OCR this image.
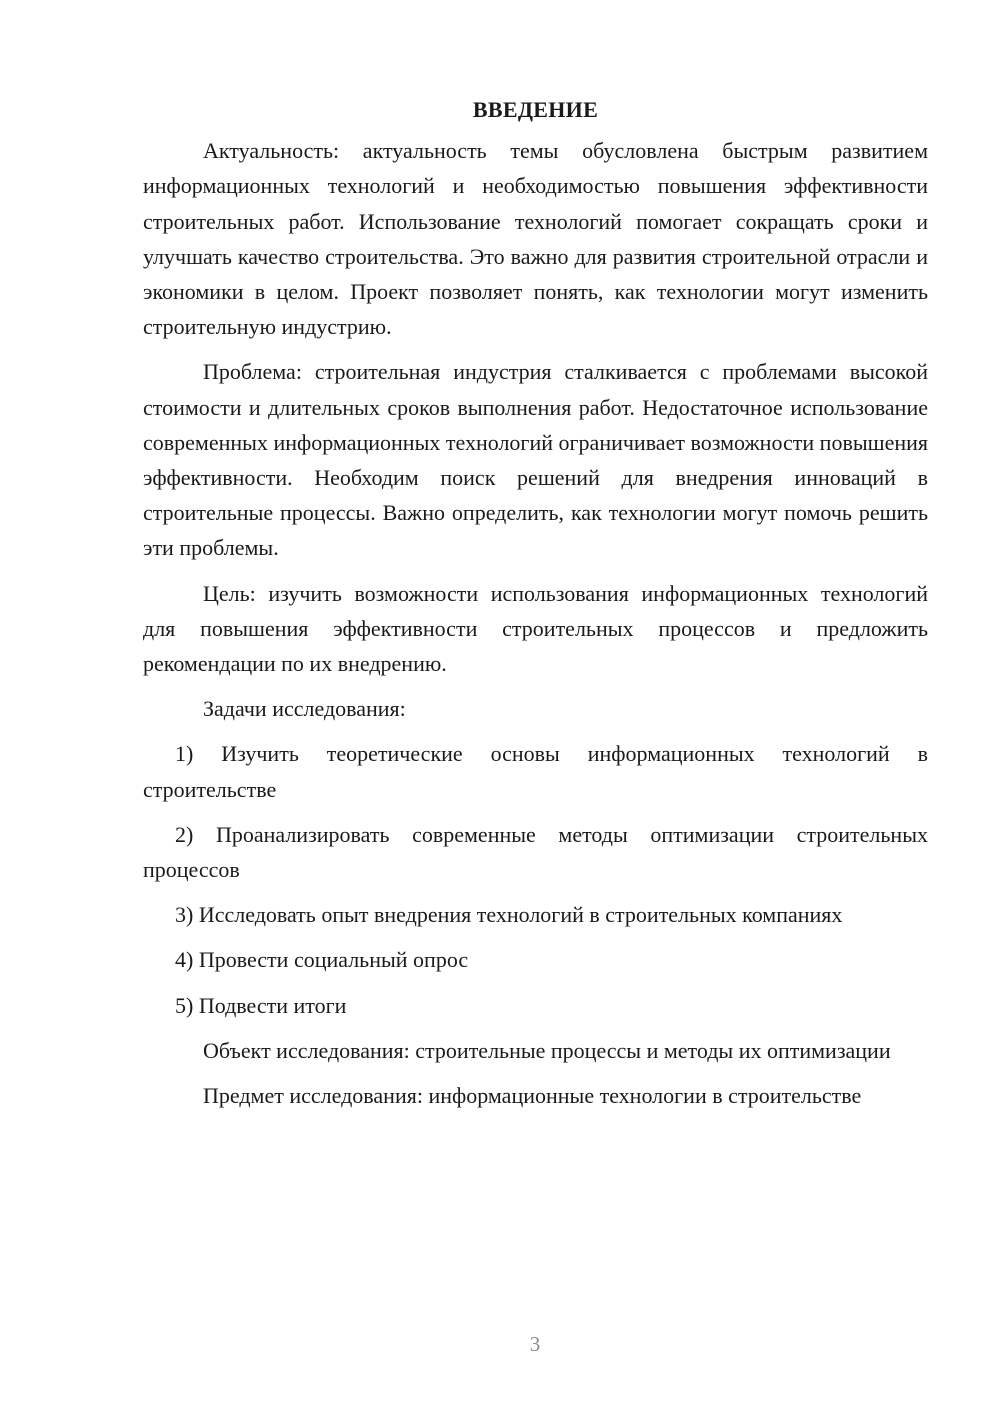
ВВЕДЕНИЕ

Актуальность: актуальность темы обусловлена быстрым развитием информационных технологий и необходимостью повышения эффективности строительных работ. Использование технологий помогает сокращать сроки и улучшать качество строительства. Это важно для развития строительной отрасли и экономики в целом. Проект позволяет понять, как технологии могут изменить строительную индустрию.

Проблема: строительная индустрия сталкивается с проблемами высокой стоимости и длительных сроков выполнения работ. Недостаточное использование современных информационных технологий ограничивает возможности повышения эффективности. Необходим поиск решений для внедрения инноваций в строительные процессы. Важно определить, как технологии могут помочь решить эти проблемы.

Цель: изучить возможности использования информационных технологий для повышения эффективности строительных процессов и предложить рекомендации по их внедрению.

Задачи исследования:

1) Изучить теоретические основы информационных технологий в строительстве

2) Проанализировать современные методы оптимизации строительных процессов

3) Исследовать опыт внедрения технологий в строительных компаниях

4) Провести социальный опрос

5) Подвести итоги

Объект исследования: строительные процессы и методы их оптимизации

Предмет исследования: информационные технологии в строительстве

3
